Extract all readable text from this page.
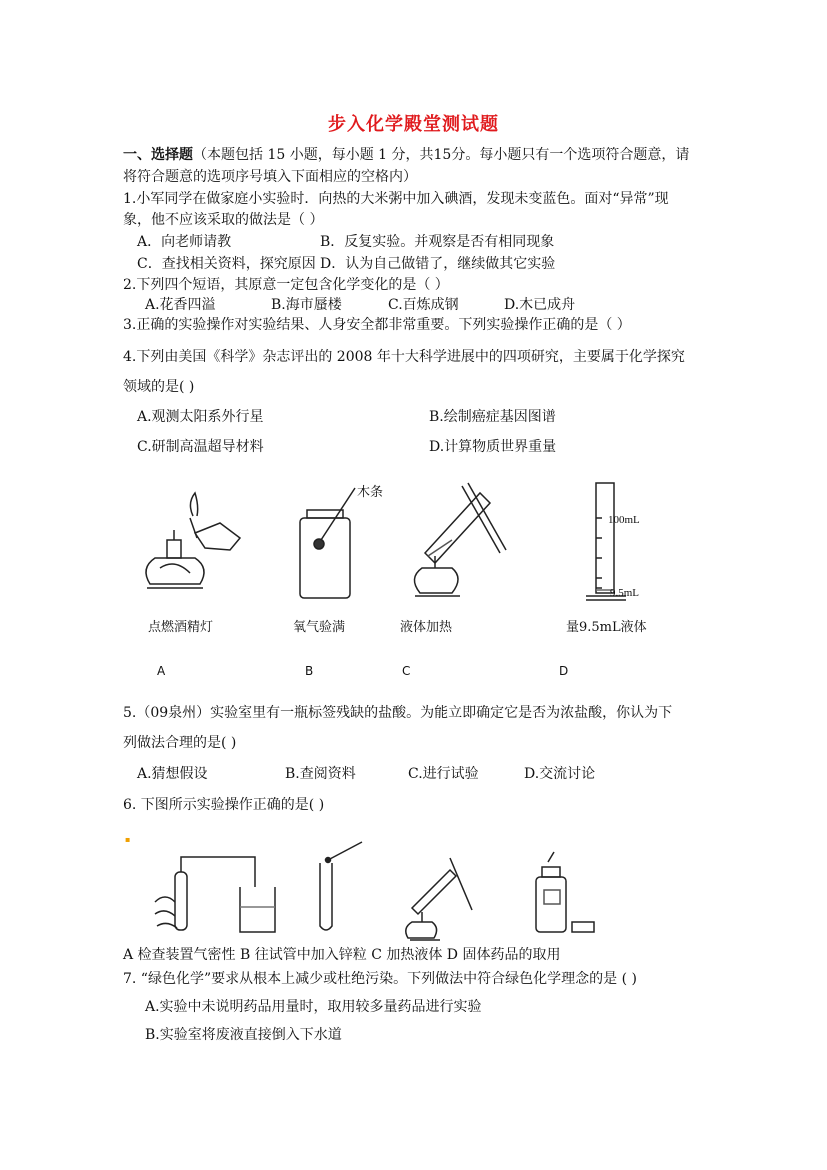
步入化学殿堂测试题
一、选择题（本题包括 15 小题，每小题 1 分，共15分。每小题只有一个选项符合题意，请
将符合题意的选项序号填入下面相应的空格内）
1.小军同学在做家庭小实验时．向热的大米粥中加入碘酒，发现未变蓝色。面对“异常”现
象，他不应该采取的做法是（ ）
A．向老师请教	B．反复实验。并观察是否有相同现象
C．查找相关资料，探究原因 D．认为自己做错了，继续做其它实验
2.下列四个短语，其原意一定包含化学变化的是（ ）
A.花香四溢	B.海市蜃楼	C.百炼成钢	D.木已成舟
3.正确的实验操作对实验结果、人身安全都非常重要。下列实验操作正确的是（ ）
4.下列由美国《科学》杂志评出的 2008 年十大科学进展中的四项研究，主要属于化学探究
领域的是( )
A.观测太阳系外行星	B.绘制癌症基因图谱
C.研制高温超导材料	D.计算物质世界重量
木条
100mL
9.5mL
点燃酒精灯	氧气验满	液体加热	量9.5mL液体
A	B	C	D
5.（09泉州）实验室里有一瓶标签残缺的盐酸。为能立即确定它是否为浓盐酸，你认为下
列做法合理的是( )
A.猜想假设	B.查阅资料	C.进行试验	D.交流讨论
6. 下图所示实验操作正确的是( )
▪
A 检查装置气密性 B 往试管中加入锌粒 C 加热液体 D 固体药品的取用
7. “绿色化学”要求从根本上减少或杜绝污染。下列做法中符合绿色化学理念的是 ( )
A.实验中未说明药品用量时，取用较多量药品进行实验
B.实验室将废液直接倒入下水道
